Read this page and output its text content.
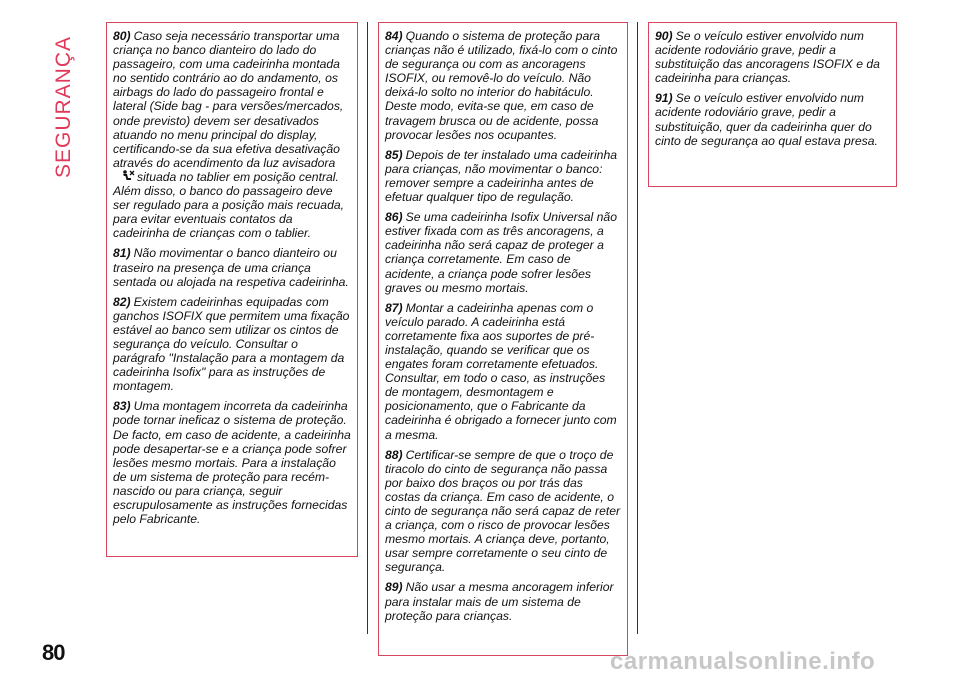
SEGURANÇA	80) Caso seja necessário transportar uma criança no banco dianteiro do lado do passageiro, com uma cadeirinha montada no sentido contrário ao do andamento, os airbags do lado do passageiro frontal e lateral (Side bag - para versões/mercados, onde previsto) devem ser desativados atuando no menu principal do display, certificando-se da sua efetiva desativação através do acendimento da luz avisadora
situada no tablier em posição central. Além disso, o banco do passageiro deve ser regulado para a posição mais recuada, para evitar eventuais contatos da cadeirinha de crianças com o tablier.

81) Não movimentar o banco dianteiro ou traseiro na presença de uma criança sentada ou alojada na respetiva cadeirinha.

82) Existem cadeirinhas equipadas com ganchos ISOFIX que permitem uma fixação estável ao banco sem utilizar os cintos de segurança do veículo. Consultar o parágrafo "Instalação para a montagem da cadeirinha Isofix" para as instruções de montagem.

83) Uma montagem incorreta da cadeirinha pode tornar ineficaz o sistema de proteção. De facto, em caso de acidente, a cadeirinha pode desapertar-se e a criança pode sofrer lesões mesmo mortais. Para a instalação de um sistema de proteção para recém-nascido ou para criança, seguir escrupulosamente as instruções fornecidas pelo Fabricante.

84) Quando o sistema de proteção para crianças não é utilizado, fixá-lo com o cinto de segurança ou com as ancoragens ISOFIX, ou removê-lo do veículo. Não deixá-lo solto no interior do habitáculo. Deste modo, evita-se que, em caso de travagem brusca ou de acidente, possa provocar lesões nos ocupantes.

85) Depois de ter instalado uma cadeirinha para crianças, não movimentar o banco: remover sempre a cadeirinha antes de efetuar qualquer tipo de regulação.

86) Se uma cadeirinha Isofix Universal não estiver fixada com as três ancoragens, a cadeirinha não será capaz de proteger a criança corretamente. Em caso de acidente, a criança pode sofrer lesões graves ou mesmo mortais.

87) Montar a cadeirinha apenas com o veículo parado. A cadeirinha está corretamente fixa aos suportes de pré-instalação, quando se verificar que os engates foram corretamente efetuados. Consultar, em todo o caso, as instruções de montagem, desmontagem e posicionamento, que o Fabricante da cadeirinha é obrigado a fornecer junto com a mesma.

88) Certificar-se sempre de que o troço de tiracolo do cinto de segurança não passa por baixo dos braços ou por trás das costas da criança. Em caso de acidente, o cinto de segurança não será capaz de reter a criança, com o risco de provocar lesões mesmo mortais. A criança deve, portanto, usar sempre corretamente o seu cinto de segurança.

89) Não usar a mesma ancoragem inferior para instalar mais de um sistema de proteção para crianças.

90) Se o veículo estiver envolvido num acidente rodoviário grave, pedir a substituição das ancoragens ISOFIX e da cadeirinha para crianças.

91) Se o veículo estiver envolvido num acidente rodoviário grave, pedir a substituição, quer da cadeirinha quer do cinto de segurança ao qual estava presa.

80	carmanualsonline.info
